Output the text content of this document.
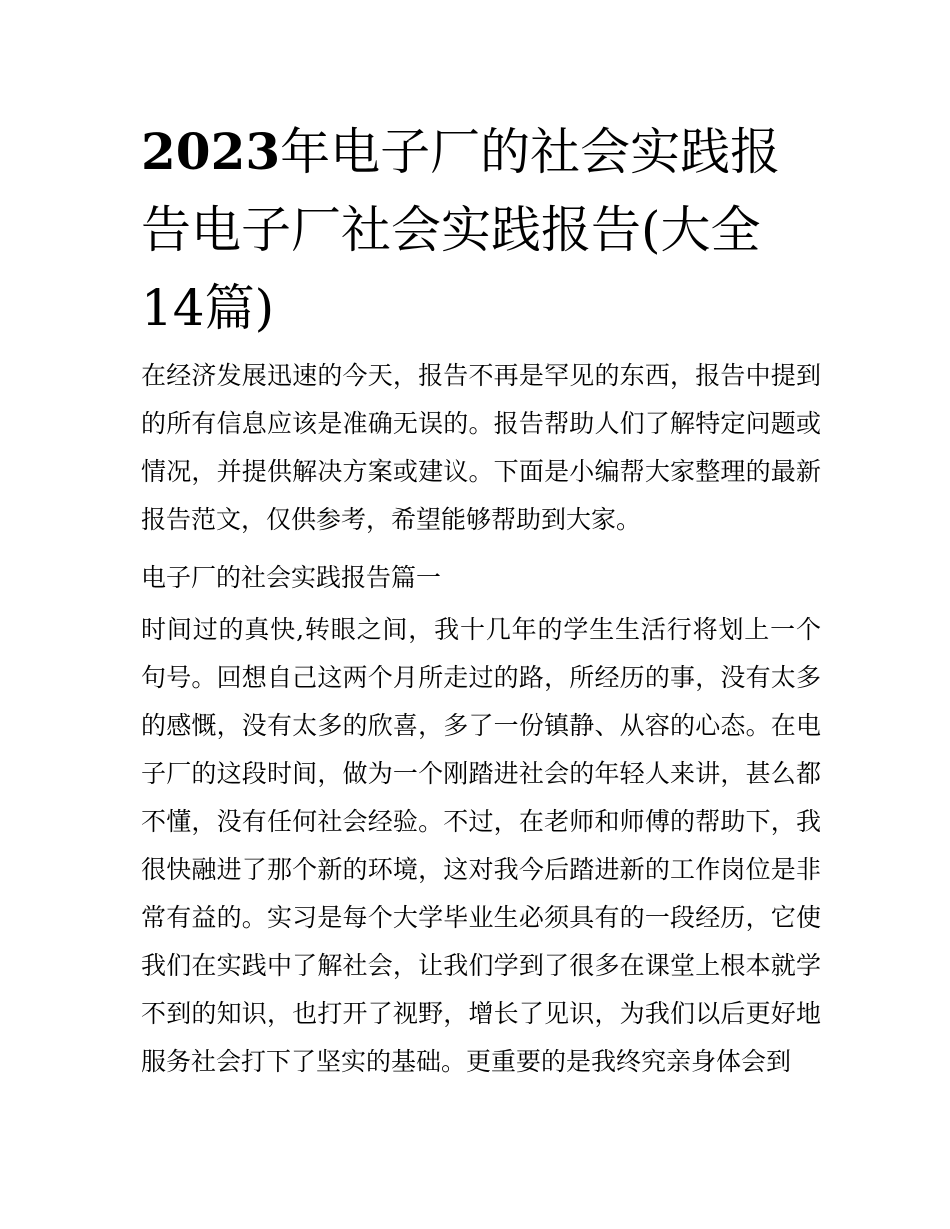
2023年电子厂的社会实践报告电子厂社会实践报告(大全14篇)

在经济发展迅速的今天，报告不再是罕见的东西，报告中提到的所有信息应该是准确无误的。报告帮助人们了解特定问题或情况，并提供解决方案或建议。下面是小编帮大家整理的最新报告范文，仅供参考，希望能够帮助到大家。

电子厂的社会实践报告篇一

时间过的真快,转眼之间，我十几年的学生生活行将划上一个句号。回想自己这两个月所走过的路，所经历的事，没有太多的感慨，没有太多的欣喜，多了一份镇静、从容的心态。在电子厂的这段时间，做为一个刚踏进社会的年轻人来讲，甚么都不懂，没有任何社会经验。不过，在老师和师傅的帮助下，我很快融进了那个新的环境，这对我今后踏进新的工作岗位是非常有益的。实习是每个大学毕业生必须具有的一段经历，它使我们在实践中了解社会，让我们学到了很多在课堂上根本就学不到的知识，也打开了视野，增长了见识，为我们以后更好地服务社会打下了坚实的基础。更重要的是我终究亲身体会到
